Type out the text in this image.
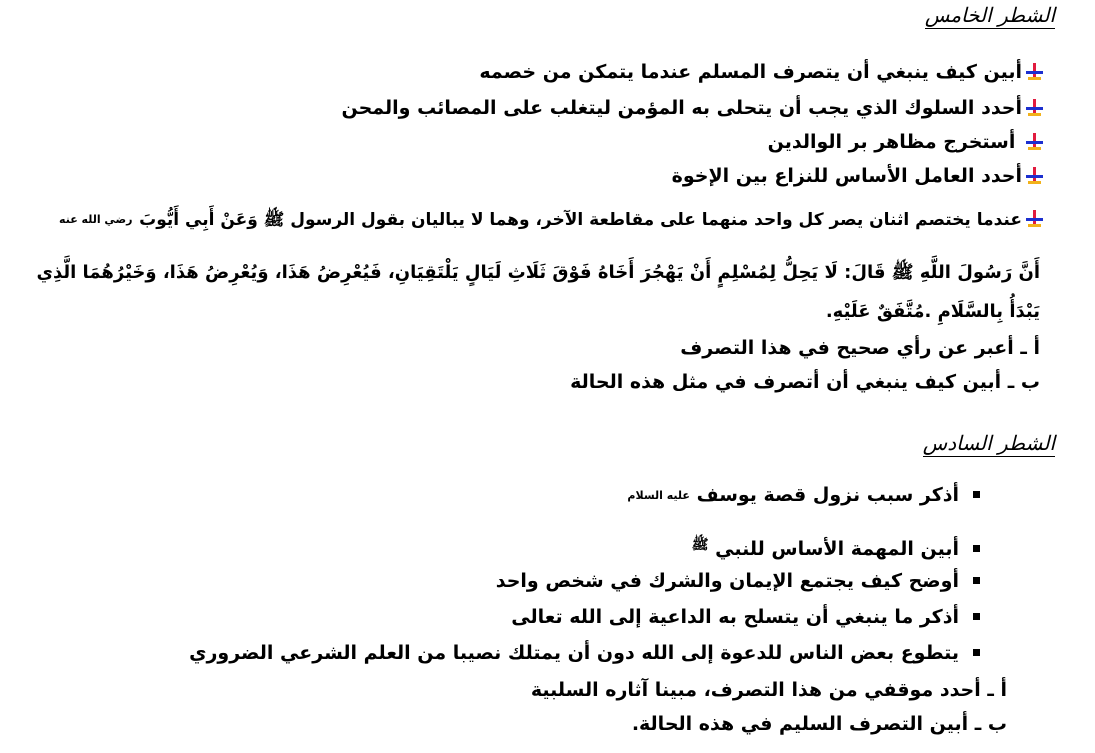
الشطر الخامس
أبين كيف ينبغي أن يتصرف المسلم عندما يتمكن من خصمه
أحدد السلوك الذي يجب أن يتحلى به المؤمن ليتغلب على المصائب والمحن
أستخرج مظاهر بر الوالدين
أحدد العامل الأساس للنزاع بين الإخوة
عندما يختصم اثنان يصر كل واحد منهما على مقاطعة الآخر، وهما لا يباليان بقول الرسول ﷺ وَعَنْ أَبِي أَيُّوبَ رضي الله عنه
أَنَّ رَسُولَ اللَّهِ ﷺ قَالَ: لَا يَحِلُّ لِمُسْلِمٍ أَنْ يَهْجُرَ أَخَاهُ فَوْقَ ثَلَاثِ لَيَالٍ يَلْتَقِيَانِ، فَيُعْرِضُ هَذَا، وَيُعْرِضُ هَذَا، وَخَيْرُهُمَا الَّذِي
يَبْدَأُ بِالسَّلَامِ .مُتَّفَقٌ عَلَيْهِ.
أ ـ أعبر عن رأي صحيح في هذا التصرف
ب ـ أبين كيف ينبغي أن أتصرف في مثل هذه الحالة
الشطر السادس
أذكر سبب نزول قصة يوسف عليه السلام
أبين المهمة الأساس للنبي $^ﷺ$
أوضح كيف يجتمع الإيمان والشرك في شخص واحد
أذكر ما ينبغي أن يتسلح به الداعية إلى الله تعالى
يتطوع بعض الناس للدعوة إلى الله دون أن يمتلك نصيبا من العلم الشرعي الضروري
أ ـ أحدد موقفي من هذا التصرف، مبينا آثاره السلبية
ب ـ أبين التصرف السليم في هذه الحالة.
